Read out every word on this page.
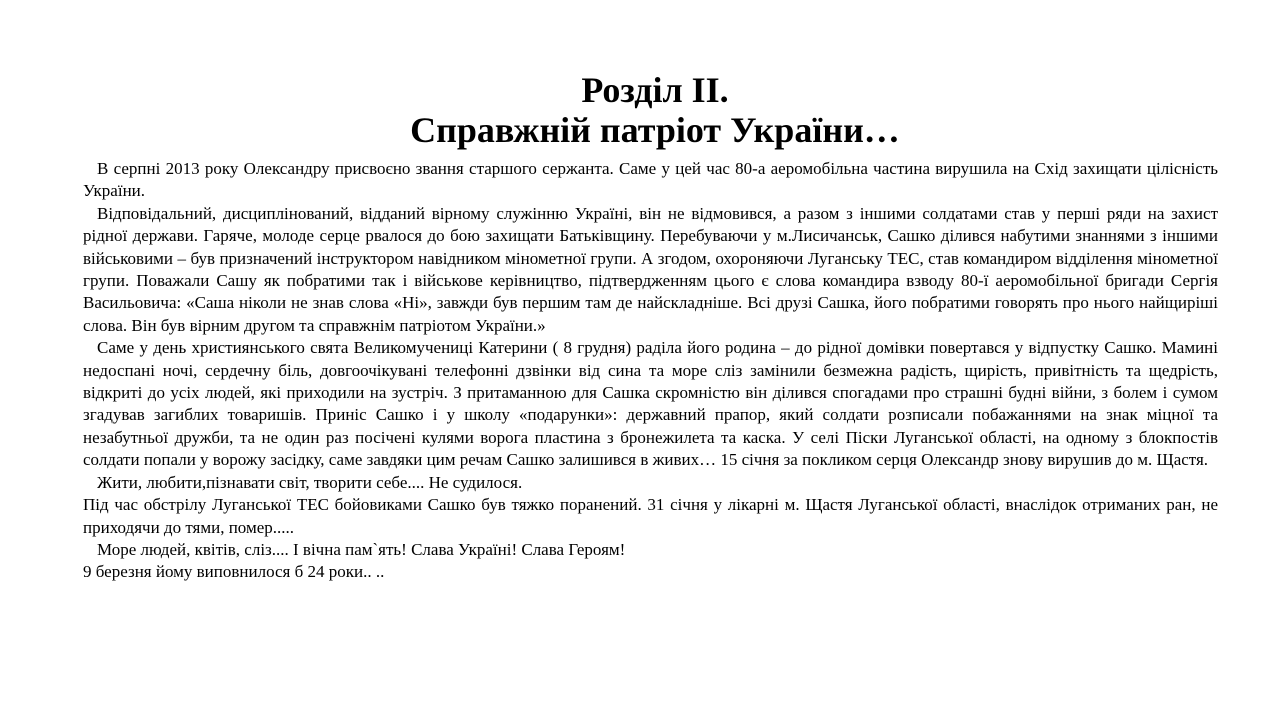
Розділ ІІ.
Справжній патріот України…

В серпні 2013 року Олександру присвоєно звання старшого сержанта. Саме у цей час 80-а аеромобільна частина вирушила на Схід захищати цілісність України.

Відповідальний, дисциплінований, відданий вірному служінню Україні, він не відмовився, а разом з іншими солдатами став у перші ряди на захист рідної держави. Гаряче, молоде серце рвалося до бою захищати Батьківщину. Перебуваючи у м.Лисичанськ, Сашко ділився набутими знаннями з іншими військовими – був призначений інструктором навідником мінометної групи. А згодом, охороняючи Луганську ТЕС, став командиром відділення мінометної групи. Поважали Сашу як побратими так і військове керівництво, підтвердженням цього є слова командира взводу 80-ї аеромобільної бригади Сергія Васильовича: «Саша ніколи не знав слова «Ні», завжди був першим там де найскладніше. Всі друзі Сашка, його побратими говорять про нього найщиріші слова. Він був вірним другом та справжнім патріотом України.»

Саме у день християнського свята Великомучениці Катерини ( 8 грудня) раділа його родина – до рідної домівки повертався у відпустку Сашко. Мамині недоспані ночі, сердечну біль, довгоочікувані телефонні дзвінки від сина та море сліз замінили безмежна радість, щирість, привітність та щедрість, відкриті до усіх людей, які приходили на зустріч. З притаманною для Сашка скромністю він ділився спогадами про страшні будні війни, з болем і сумом згадував загиблих товаришів. Приніс Сашко і у школу «подарунки»: державний прапор, який солдати розписали побажаннями на знак міцної та незабутньої дружби, та не один раз посічені кулями ворога пластина з бронежилета та каска. У селі Піски Луганської області, на одному з блокпостів солдати попали у ворожу засідку, саме завдяки цим речам Сашко залишився в живих… 15 січня за покликом серця Олександр знову вирушив до м. Щастя.

Жити, любити,пізнавати світ, творити себе.... Не судилося.

Під час обстрілу Луганської ТЕС бойовиками Сашко був тяжко поранений. 31 січня у лікарні м. Щастя Луганської області, внаслідок отриманих ран, не приходячи до тями, помер.....

Море людей, квітів, сліз.... І вічна пам`ять! Слава Україні! Слава Героям!

9 березня йому виповнилося б 24 роки.. ..
